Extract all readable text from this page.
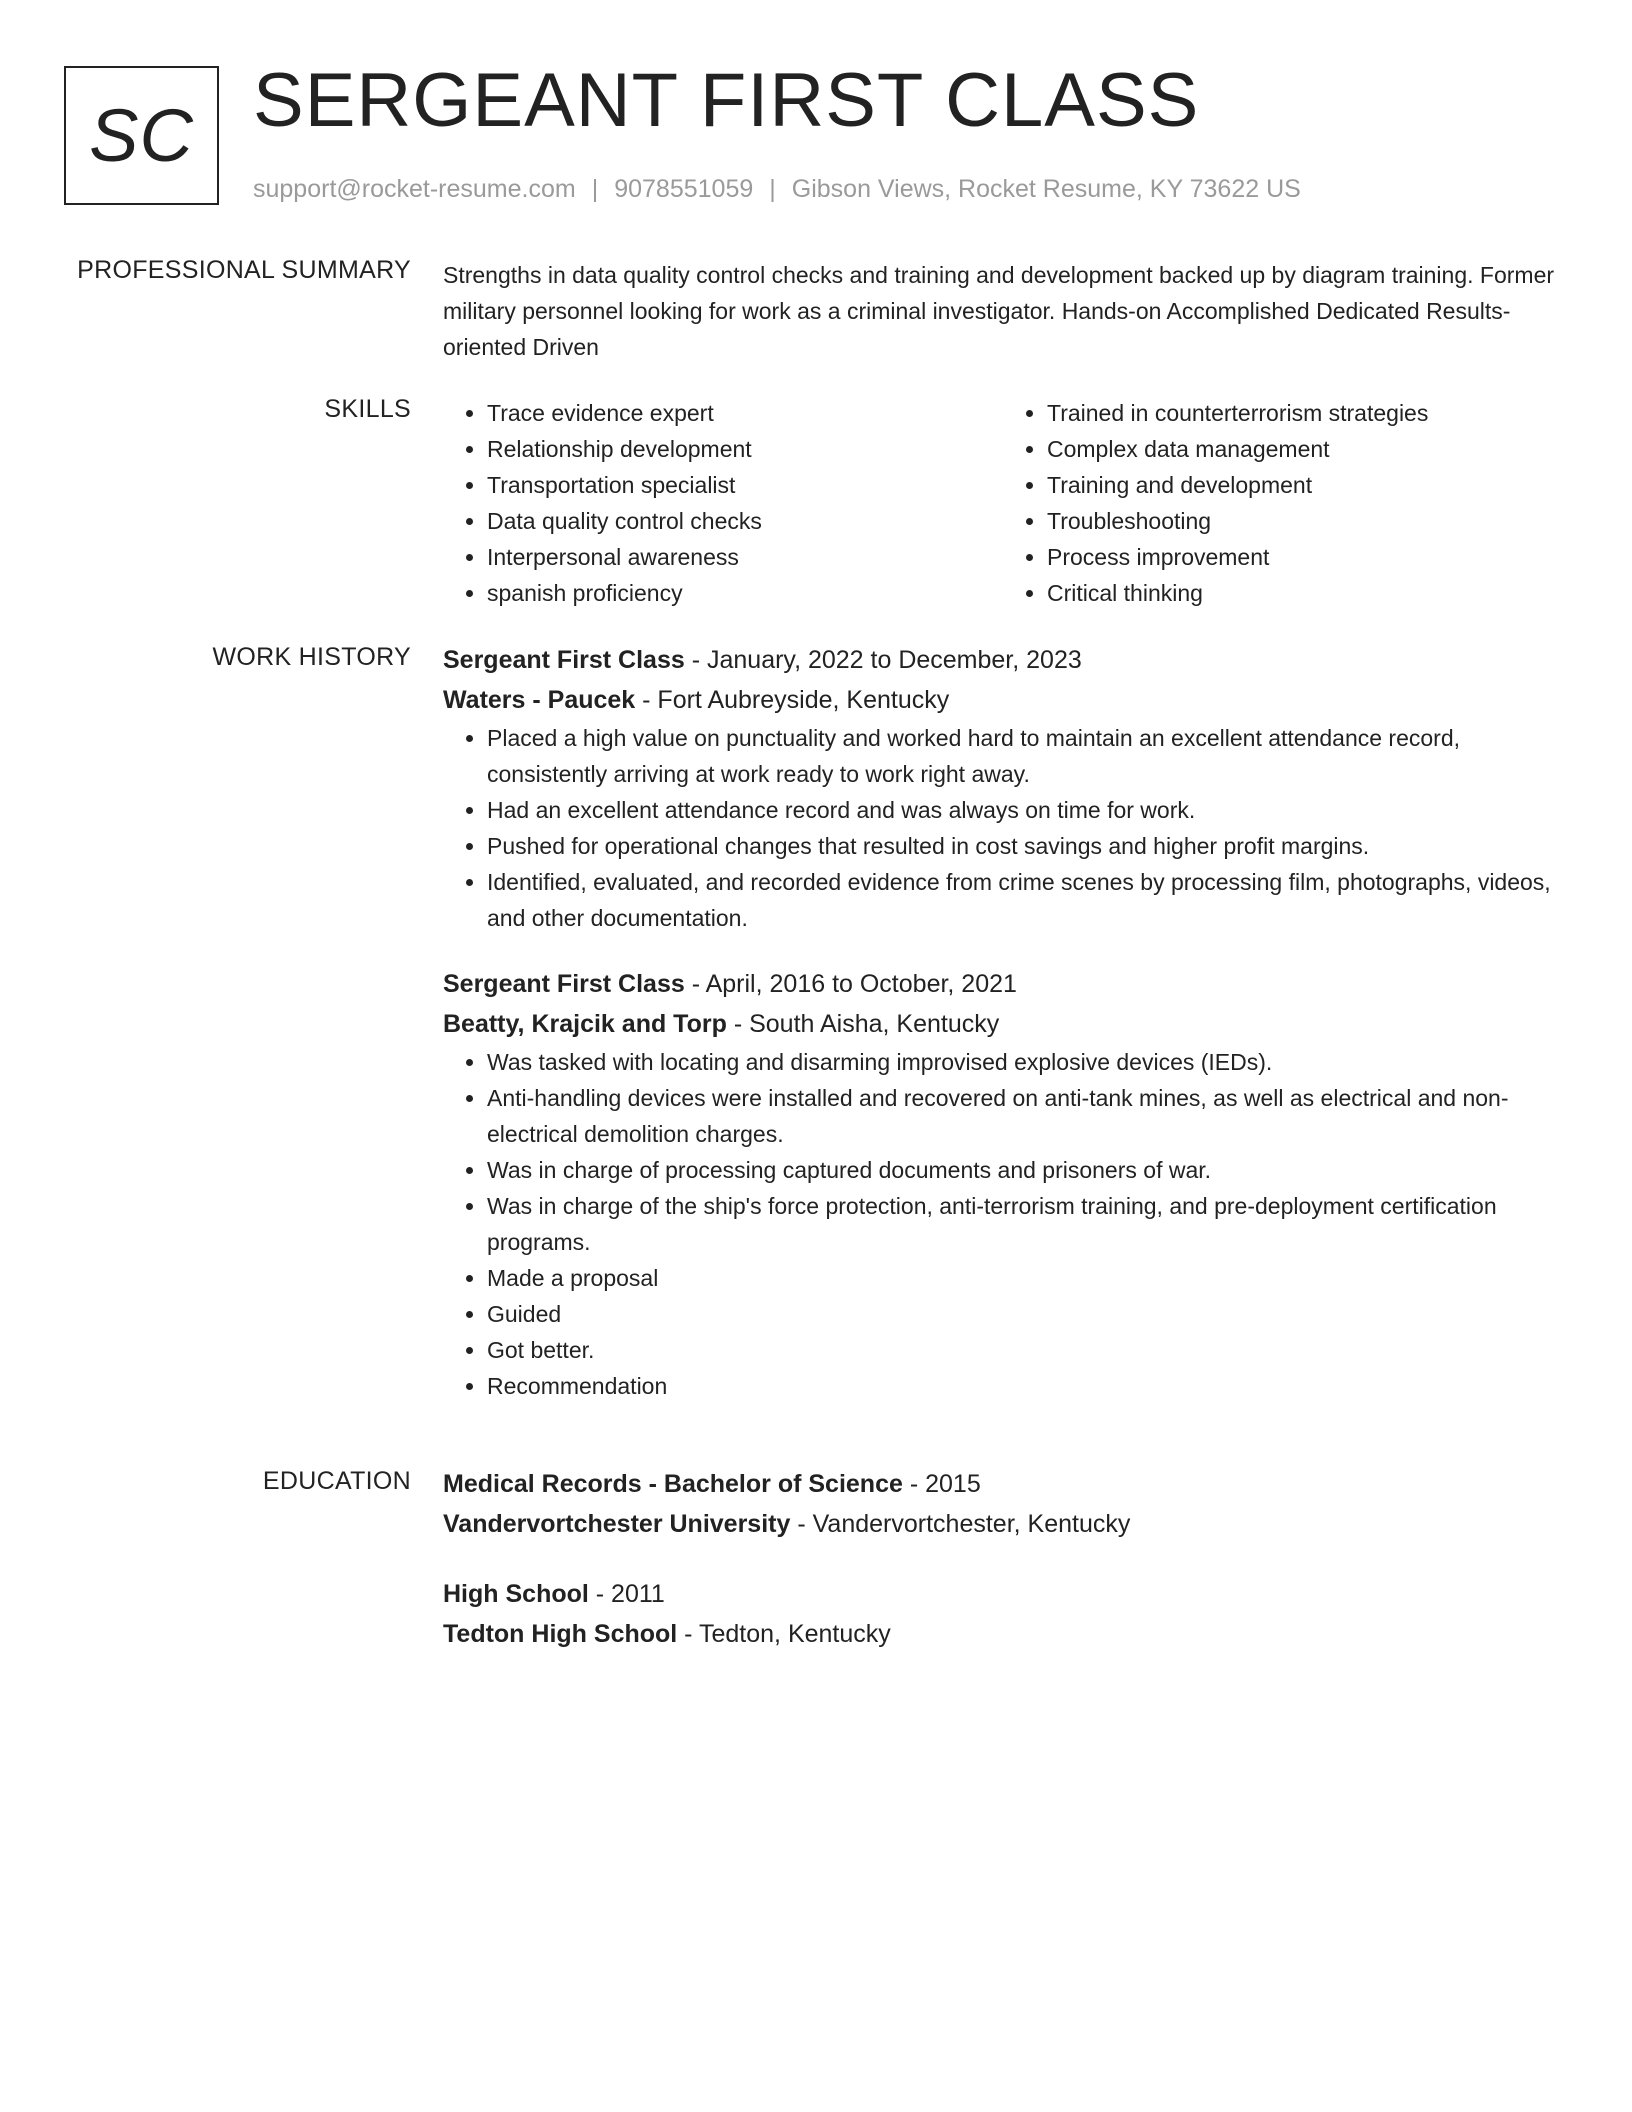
SC SERGEANT FIRST CLASS
support@rocket-resume.com | 9078551059 | Gibson Views, Rocket Resume, KY 73622 US
PROFESSIONAL SUMMARY Strengths in data quality control checks and training and development backed up by diagram training. Former military personnel looking for work as a criminal investigator. Hands-on Accomplished Dedicated Results-oriented Driven

SKILLS
•	Trace evidence expert
• Relationship development
• Transportation specialist
• Data quality control checks
• Interpersonal awareness
• spanish proficiency
• Trained in counterterrorism strategies
• Complex data management
• Training and development
• Troubleshooting
• Process improvement
• Critical thinking
WORK HISTORY Sergeant First Class - January, 2022 to December, 2023
Waters - Paucek - Fort Aubreyside, Kentucky
• Placed a high value on punctuality and worked hard to maintain an excellent attendance record, consistently arriving at work ready to work right away.
• Had an excellent attendance record and was always on time for work.
• Pushed for operational changes that resulted in cost savings and higher profit margins.
• Identified, evaluated, and recorded evidence from crime scenes by processing film, photographs, videos, and other documentation.
Sergeant First Class - April, 2016 to October, 2021
Beatty, Krajcik and Torp - South Aisha, Kentucky
• Was tasked with locating and disarming improvised explosive devices (IEDs).
• Anti-handling devices were installed and recovered on anti-tank mines, as well as electrical and non-electrical demolition charges.
• Was in charge of processing captured documents and prisoners of war.
• Was in charge of the ship's force protection, anti-terrorism training, and pre-deployment certification programs.
• Made a proposal
• Guided
• Got better.
• Recommendation
EDUCATION Medical Records - Bachelor of Science - 2015
Vandervortchester University - Vandervortchester, Kentucky
High School - 2011
Tedton High School - Tedton, Kentucky
